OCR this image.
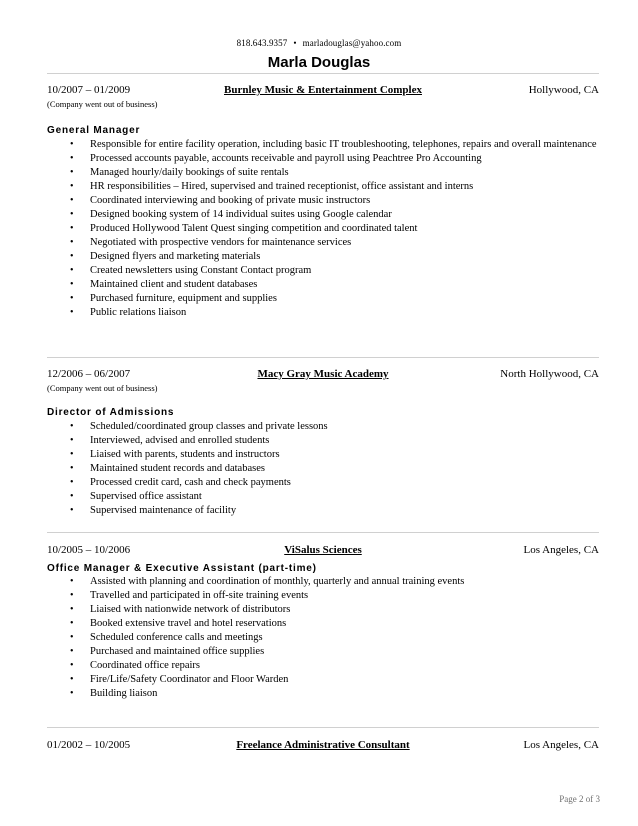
818.643.9357 • marladouglas@yahoo.com
Marla Douglas
10/2007 – 01/2009	Burnley Music & Entertainment Complex	Hollywood, CA
(Company went out of business)
General Manager
• Responsible for entire facility operation, including basic IT troubleshooting, telephones, repairs and overall maintenance
• Processed accounts payable, accounts receivable and payroll using Peachtree Pro Accounting
• Managed hourly/daily bookings of suite rentals
• HR responsibilities – Hired, supervised and trained receptionist, office assistant and interns
• Coordinated interviewing and booking of private music instructors
• Designed booking system of 14 individual suites using Google calendar
• Produced Hollywood Talent Quest singing competition and coordinated talent
• Negotiated with prospective vendors for maintenance services
• Designed flyers and marketing materials
• Created newsletters using Constant Contact program
• Maintained client and student databases
• Purchased furniture, equipment and supplies
• Public relations liaison
12/2006 – 06/2007	Macy Gray Music Academy	North Hollywood, CA
(Company went out of business)
Director of Admissions
• Scheduled/coordinated group classes and private lessons
• Interviewed, advised and enrolled students
• Liaised with parents, students and instructors
• Maintained student records and databases
• Processed credit card, cash and check payments
• Supervised office assistant
• Supervised maintenance of facility
10/2005 – 10/2006	ViSalus Sciences	Los Angeles, CA
Office Manager & Executive Assistant (part-time)
• Assisted with planning and coordination of monthly, quarterly and annual training events
• Travelled and participated in off-site training events
• Liaised with nationwide network of distributors
• Booked extensive travel and hotel reservations
• Scheduled conference calls and meetings
• Purchased and maintained office supplies
• Coordinated office repairs
• Fire/Life/Safety Coordinator and Floor Warden
• Building liaison
01/2002 – 10/2005	Freelance Administrative Consultant	Los Angeles, CA
Page 2 of 3
